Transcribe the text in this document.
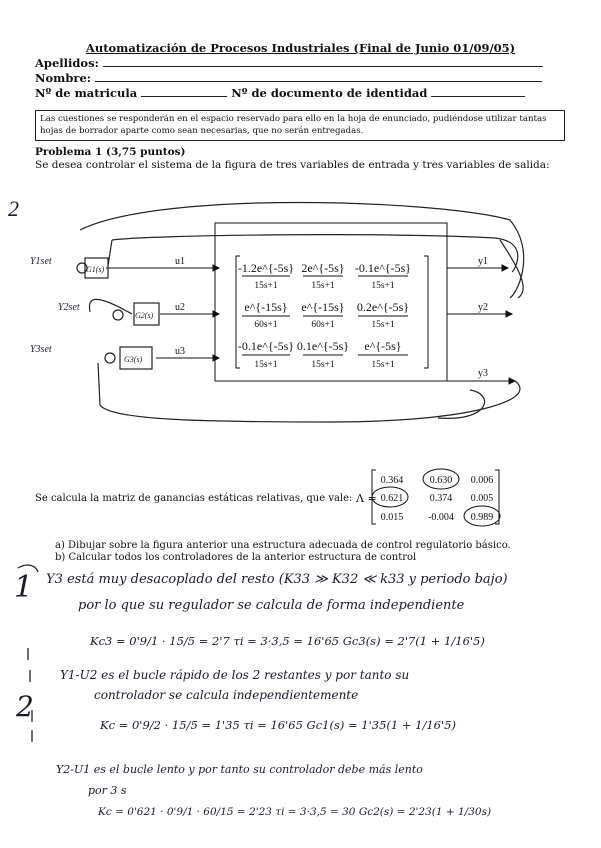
Automatización de Procesos Industriales (Final de Junio 01/09/05)
Apellidos:
Nombre:
Nº de matricula	Nº de documento de identidad
Las cuestiones se responderán en el espacio reservado para ello en la hoja de enunciado, pudiéndose utilizar tantas hojas de borrador aparte como sean necesarias, que no serán entregadas.
Problema 1 (3,75 puntos)
Se desea controlar el sistema de la figura de tres variables de entrada y tres variables de salida:
u1
u2
u3
y1
y2
y3
-1.2e^{-5s} 2e^{-5s} -0.1e^{-5s}
15s+1	15s+1	15s+1
e^{-15s} e^{-15s} 0.2e^{-5s}
60s+1	60s+1	15s+1
-0.1e^{-5s} 0.1e^{-5s} e^{-5s}
15s+1	15s+1	15s+1
Y1set
Y2set
Y3set
G1(s)
G2(s)
G3(s)
2
Se calcula la matriz de ganancias estáticas relativas, que vale: Λ =
0.364	0.630 0.006
0.621	0.374 0.005
0.015 -0.004 0.989
a) Dibujar sobre la figura anterior una estructura adecuada de control regulatorio básico.
b) Calcular todos los controladores de la anterior estructura de control
1
2
Y3 está muy desacoplado del resto (K33 ≫ K32 ≪ k33 y periodo bajo)
por lo que su regulador se calcula de forma independiente
Kc3 = 0'9/1 · 15/5 = 2'7 τi = 3·3,5 = 16'65 Gc3(s) = 2'7(1 + 1/16'5)
Y1-U2 es el bucle rápido de los 2 restantes y por tanto su
controlador se calcula independientemente
Kc = 0'9/2 · 15/5 = 1'35 τi = 16'65 Gc1(s) = 1'35(1 + 1/16'5)
Y2-U1 es el bucle lento y por tanto su controlador debe más lento
por 3 s
Kc = 0'621 · 0'9/1 · 60/15 = 2'23 τi = 3·3,5 = 30 Gc2(s) = 2'23(1 + 1/30s)
